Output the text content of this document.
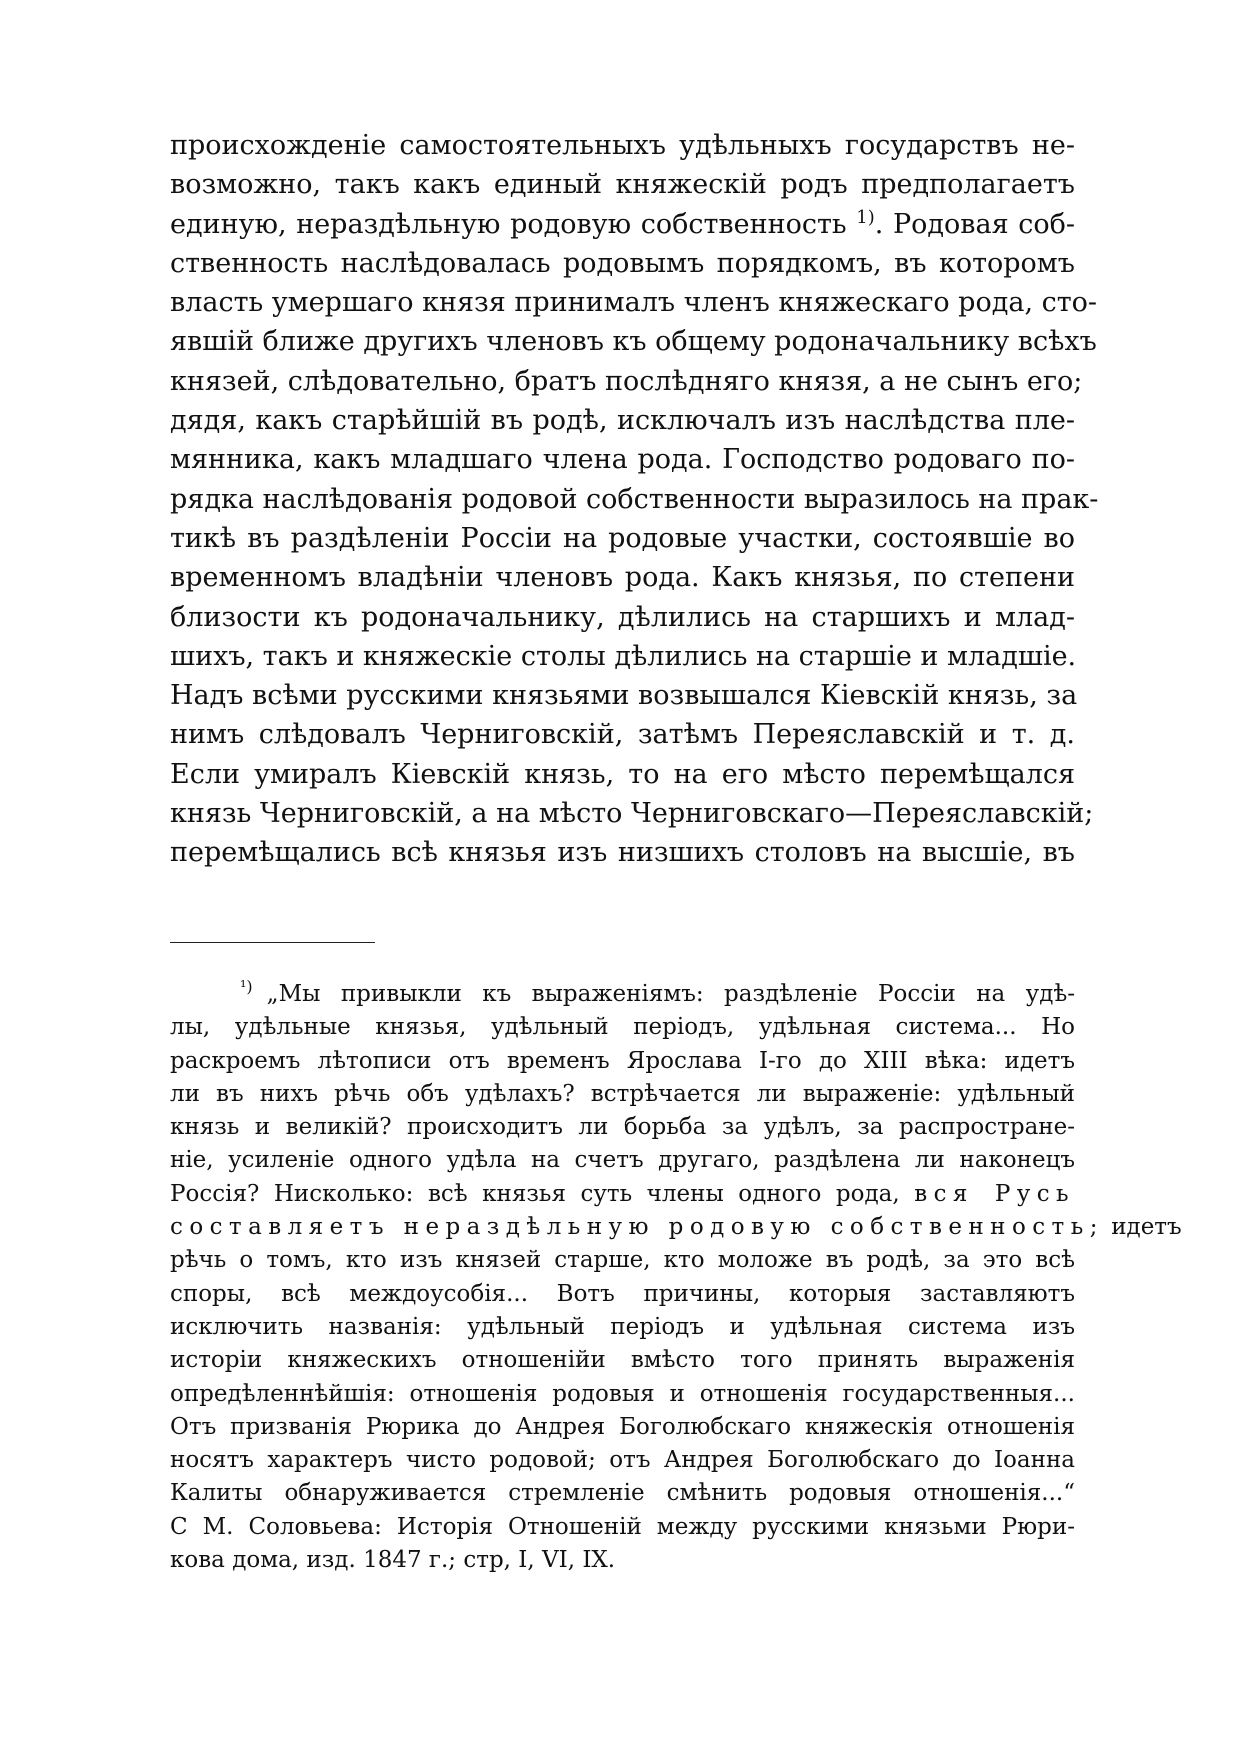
происхожденіе самостоятельныхъ удѣльныхъ государствъ не-
возможно, такъ какъ единый княжескій родъ предполагаетъ
единую, нераздѣльную родовую собственность $^{1)}$. Родовая соб-
ственность наслѣдовалась родовымъ порядкомъ, въ которомъ
власть умершаго князя принималъ членъ княжескаго рода, сто-
явшій ближе другихъ членовъ къ общему родоначальнику всѣхъ
князей, слѣдовательно, братъ послѣдняго князя, а не сынъ его;
дядя, какъ старѣйшій въ родѣ, исключалъ изъ наслѣдства пле-
мянника, какъ младшаго члена рода. Господство родоваго по-
рядка наслѣдованія родовой собственности выразилось на прак-
тикѣ въ раздѣленіи Россіи на родовые участки, состоявшіе во
временномъ владѣніи членовъ рода. Какъ князья, по степени
близости къ родоначальнику, дѣлились на старшихъ и млад-
шихъ, такъ и княжескіе столы дѣлились на старшіе и младшіе.
Надъ всѣми русскими князьями возвышался Кіевскій князь, за
нимъ слѣдовалъ Черниговскій, затѣмъ Переяславскій и т. д.
Если умиралъ Кіевскій князь, то на его мѣсто перемѣщался
князь Черниговскій, а на мѣсто Черниговскаго—Переяславскій;
перемѣщались всѣ князья изъ низшихъ столовъ на высшіе, въ
$^{^1)}$ „Мы привыкли къ выраженіямъ: раздѣленіе Россіи на удѣ-
лы, удѣльные князья, удѣльный періодъ, удѣльная система... Но
раскроемъ лѣтописи отъ временъ Ярослава I-го до XIII вѣка: идетъ
ли въ нихъ рѣчь объ удѣлахъ? встрѣчается ли выраженіе: удѣльный
князь и великій? происходитъ ли борьба за удѣлъ, за распростране-
ніе, усиленіе одного удѣла на счетъ другаго, раздѣлена ли наконецъ
Россія? Нисколько: всѣ князья суть члены одного рода, вся Русь
составляетъ нераздѣльную родовую собственность; идетъ
рѣчь о томъ, кто изъ князей старше, кто моложе въ родѣ, за это всѣ
споры, всѣ междоусобія... Вотъ причины, которыя заставляютъ
исключить названія: удѣльный періодъ и удѣльная система изъ
исторіи княжескихъ отношенійи вмѣсто того принять выраженія
опредѣленнѣйшія: отношенія родовыя и отношенія государственныя...
Отъ призванія Рюрика до Андрея Боголюбскаго княжескія отношенія
носятъ характеръ чисто родовой; отъ Андрея Боголюбскаго до Іоанна
Калиты обнаруживается стремленіе смѣнить родовыя отношенія...“
С М. Соловьева: Исторія Отношеній между русскими князьми Рюри-
кова дома, изд. 1847 г.; стр, I, VI, IX.
